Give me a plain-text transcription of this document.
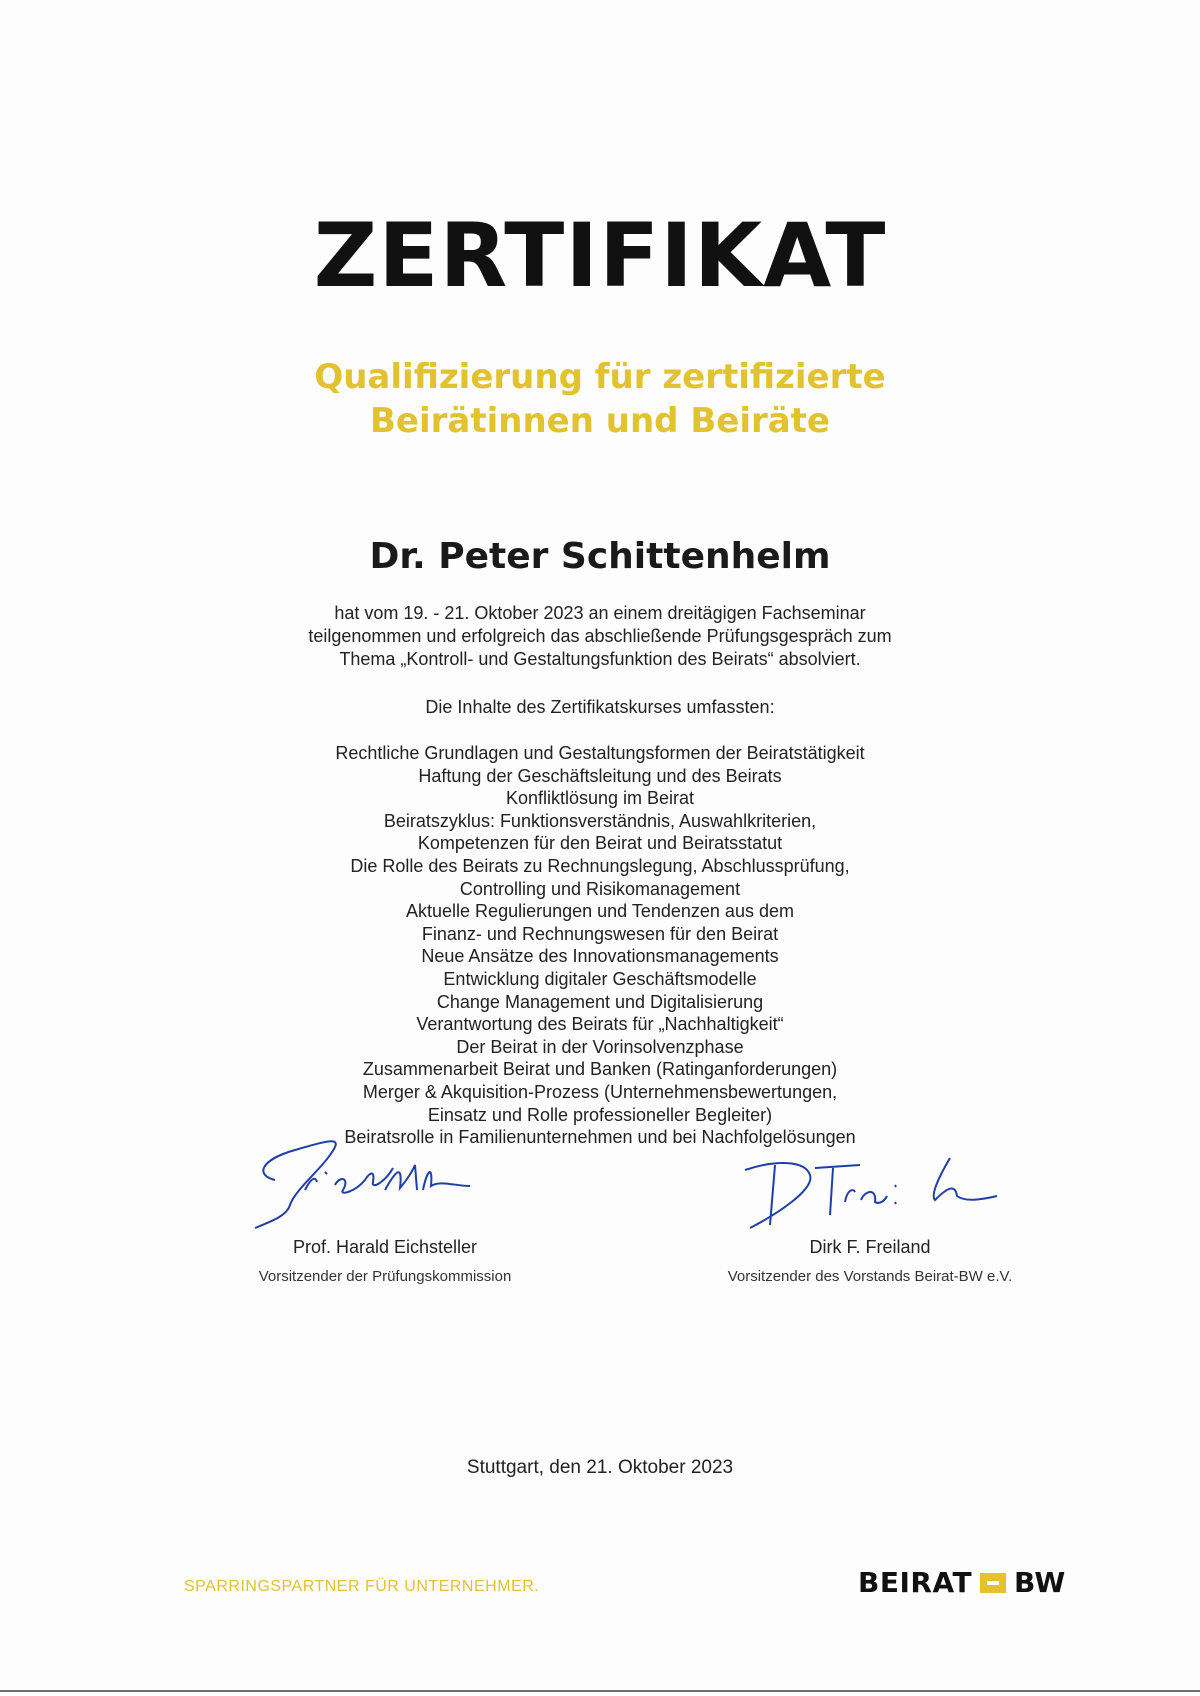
ZERTIFIKAT
Qualifizierung für zertifizierte
Beirätinnen und Beiräte
Dr. Peter Schittenhelm
hat vom 19. - 21. Oktober 2023 an einem dreitägigen Fachseminar
teilgenommen und erfolgreich das abschließende Prüfungsgespräch zum
Thema „Kontroll- und Gestaltungsfunktion des Beirats“ absolviert.
Die Inhalte des Zertifikatskurses umfassten:
Rechtliche Grundlagen und Gestaltungsformen der Beiratstätigkeit
Haftung der Geschäftsleitung und des Beirats
Konfliktlösung im Beirat
Beiratszyklus: Funktionsverständnis, Auswahlkriterien,
Kompetenzen für den Beirat und Beiratsstatut
Die Rolle des Beirats zu Rechnungslegung, Abschlussprüfung,
Controlling und Risikomanagement
Aktuelle Regulierungen und Tendenzen aus dem
Finanz- und Rechnungswesen für den Beirat
Neue Ansätze des Innovationsmanagements
Entwicklung digitaler Geschäftsmodelle
Change Management und Digitalisierung
Verantwortung des Beirats für „Nachhaltigkeit“
Der Beirat in der Vorinsolvenzphase
Zusammenarbeit Beirat und Banken (Ratinganforderungen)
Merger & Akquisition-Prozess (Unternehmensbewertungen,
Einsatz und Rolle professioneller Begleiter)
Beiratsrolle in Familienunternehmen und bei Nachfolgelösungen
Prof. Harald Eichsteller
Vorsitzender der Prüfungskommission
Dirk F. Freiland
Vorsitzender des Vorstands Beirat-BW e.V.
Stuttgart, den 21. Oktober 2023
SPARRINGSPARTNER FÜR UNTERNEHMER.	BEIRAT BW
